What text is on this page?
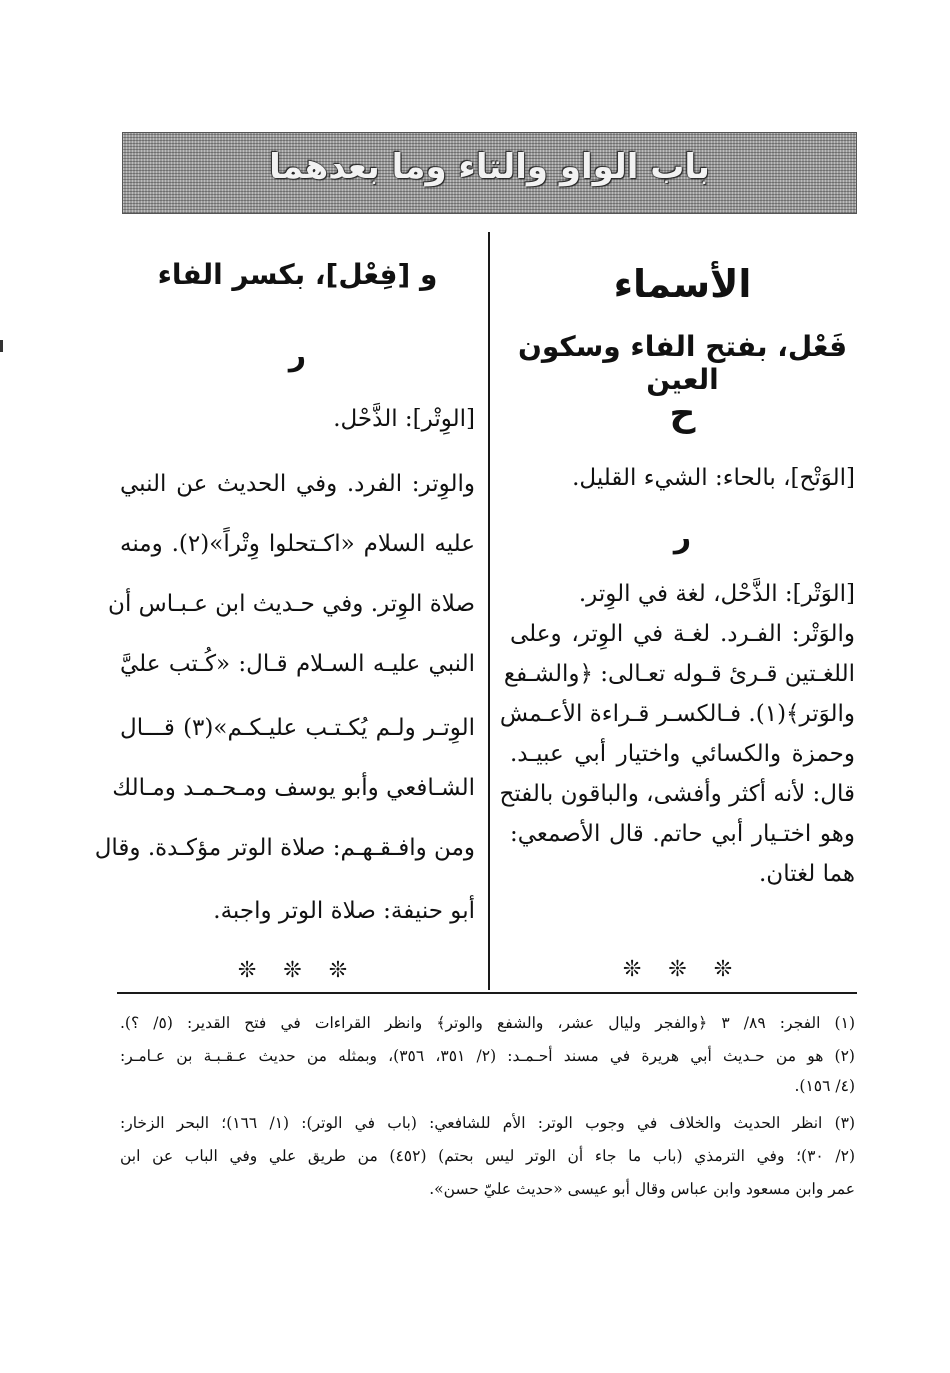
باب الواو والتاء وما بعدهما
الأسماء
فَعْل، بفتح الفاء وسكون العين
ح
[الوَتْح]، بالحاء: الشيء القليل.
ر
[الوَتْر]: الذَّحْل، لغة في الوِتر.
والوَتْر: الفـرد. لغـة في الوِتر، وعلى
اللغـتين قـرئ قـوله تعـالى: ﴿والشـفع
والوَتر﴾(١). فـالكسـر قـراءة الأعـمش
وحمزة والكسائي واختيار أبي عبيـد.
قال: لأنه أكثر وأفشى، والباقون بالفتح
وهو اختـيار أبي حاتم. قال الأصمعي:
هما لغتان.
❊ ❊ ❊
و [فِعْل]، بكسر الفاء
ر
[الوِتْر]: الذَّحْل.
والوِتر: الفرد. وفي الحديث عن النبي
عليه السلام «اكـتحلوا وِتْراً»(٢). ومنه
صلاة الوِتر. وفي حـديث ابن عـبـاس أن
النبي عليـه السـلام قـال: «كُـتب عليَّ
الوِتـر ولـم يُكـتـب عليـكـم»(٣) قـــال
الشـافعي وأبو يوسف ومـحـمـد ومـالك
ومن وافـقـهـم: صلاة الوتر مؤكـدة. وقال
أبو حنيفة: صلاة الوتر واجبة.
❊ ❊ ❊
(١) الفجر: ٨٩/ ٣ ﴿والفجر وليال عشر، والشفع والوتر﴾ وانظر القراءات في فتح القدير: (٥/ ؟).
(٢) هو من حـديث أبي هريرة في مسند أحـمـد: (٢/ ٣٥١، ٣٥٦)، وبمثله من حديث عـقـبـة بن عـامـر:
(٤/ ١٥٦).
(٣) انظر الحديث والخلاف في وجوب الوتر: الأم للشافعي: (باب في الوتر): (١/ ١٦٦)؛ البحر الزخار:
(٢/ ٣٠)؛ وفي الترمذي (باب ما جاء أن الوتر ليس بحتم) (٤٥٢) من طريق علي وفي الباب عن ابن
عمر وابن مسعود وابن عباس وقال أبو عيسى «حديث عليّ حسن».
